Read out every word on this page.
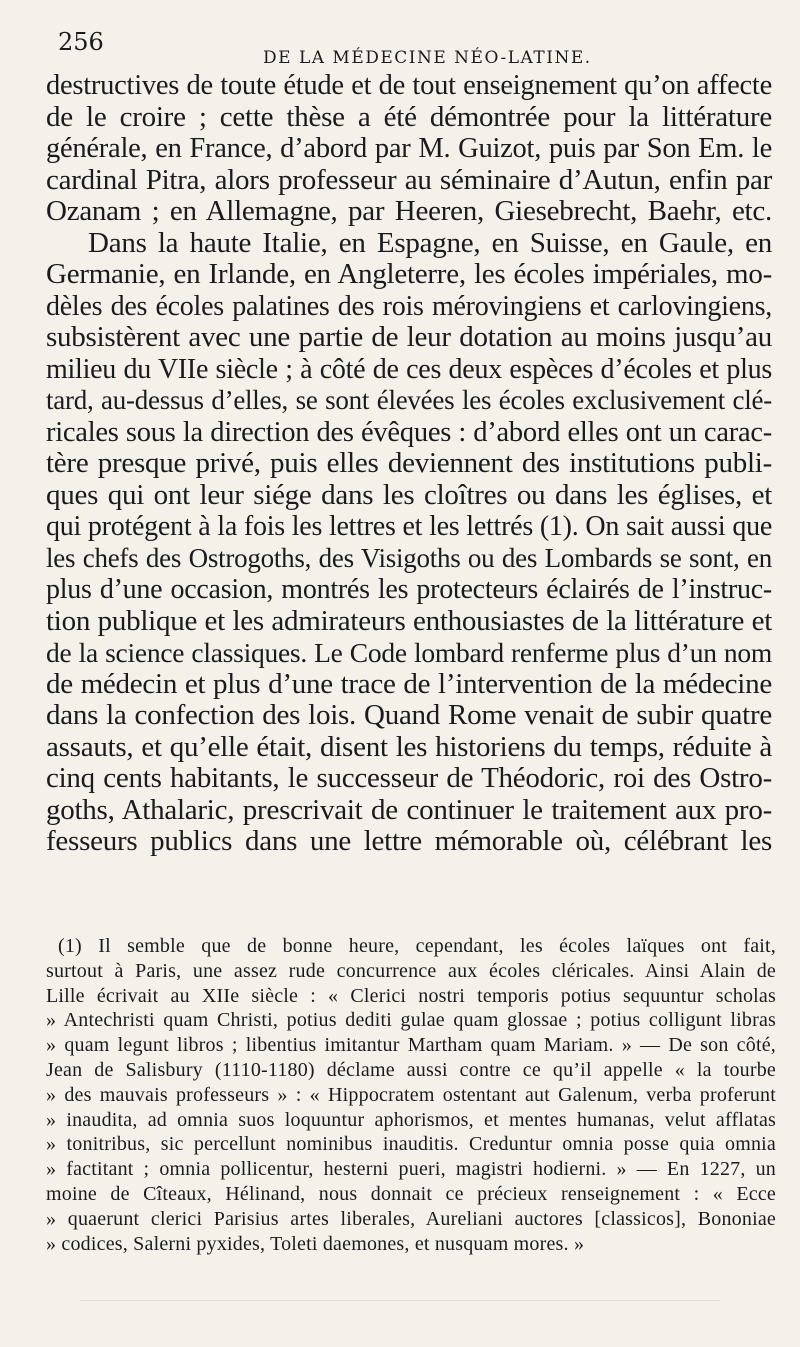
256
DE LA MÉDECINE NÉO-LATINE.
destructives de toute étude et de tout enseignement qu’on affecte
de le croire ; cette thèse a été démontrée pour la littérature
générale, en France, d’abord par M. Guizot, puis par Son Em. le
cardinal Pitra, alors professeur au séminaire d’Autun, enfin par
Ozanam ; en Allemagne, par Heeren, Giesebrecht, Baehr, etc.
Dans la haute Italie, en Espagne, en Suisse, en Gaule, en
Germanie, en Irlande, en Angleterre, les écoles impériales, mo-
dèles des écoles palatines des rois mérovingiens et carlovingiens,
subsistèrent avec une partie de leur dotation au moins jusqu’au
milieu du VIIe siècle ; à côté de ces deux espèces d’écoles et plus
tard, au-dessus d’elles, se sont élevées les écoles exclusivement clé-
ricales sous la direction des évêques : d’abord elles ont un carac-
tère presque privé, puis elles deviennent des institutions publi-
ques qui ont leur siége dans les cloîtres ou dans les églises, et
qui protégent à la fois les lettres et les lettrés (1). On sait aussi que
les chefs des Ostrogoths, des Visigoths ou des Lombards se sont, en
plus d’une occasion, montrés les protecteurs éclairés de l’instruc-
tion publique et les admirateurs enthousiastes de la littérature et
de la science classiques. Le Code lombard renferme plus d’un nom
de médecin et plus d’une trace de l’intervention de la médecine
dans la confection des lois. Quand Rome venait de subir quatre
assauts, et qu’elle était, disent les historiens du temps, réduite à
cinq cents habitants, le successeur de Théodoric, roi des Ostro-
goths, Athalaric, prescrivait de continuer le traitement aux pro-
fesseurs publics dans une lettre mémorable où, célébrant les
(1) Il semble que de bonne heure, cependant, les écoles laïques ont fait,
surtout à Paris, une assez rude concurrence aux écoles cléricales. Ainsi Alain de
Lille écrivait au XIIe siècle : « Clerici nostri temporis potius sequuntur scholas
» Antechristi quam Christi, potius dediti gulae quam glossae ; potius colligunt libras
» quam legunt libros ; libentius imitantur Martham quam Mariam. » — De son côté,
Jean de Salisbury (1110-1180) déclame aussi contre ce qu’il appelle « la tourbe
» des mauvais professeurs » : « Hippocratem ostentant aut Galenum, verba proferunt
» inaudita, ad omnia suos loquuntur aphorismos, et mentes humanas, velut afflatas
» tonitribus, sic percellunt nominibus inauditis. Creduntur omnia posse quia omnia
» factitant ; omnia pollicentur, hesterni pueri, magistri hodierni. » — En 1227, un
moine de Cîteaux, Hélinand, nous donnait ce précieux renseignement : « Ecce
» quaerunt clerici Parisius artes liberales, Aureliani auctores [classicos], Bononiae
» codices, Salerni pyxides, Toleti daemones, et nusquam mores. »
